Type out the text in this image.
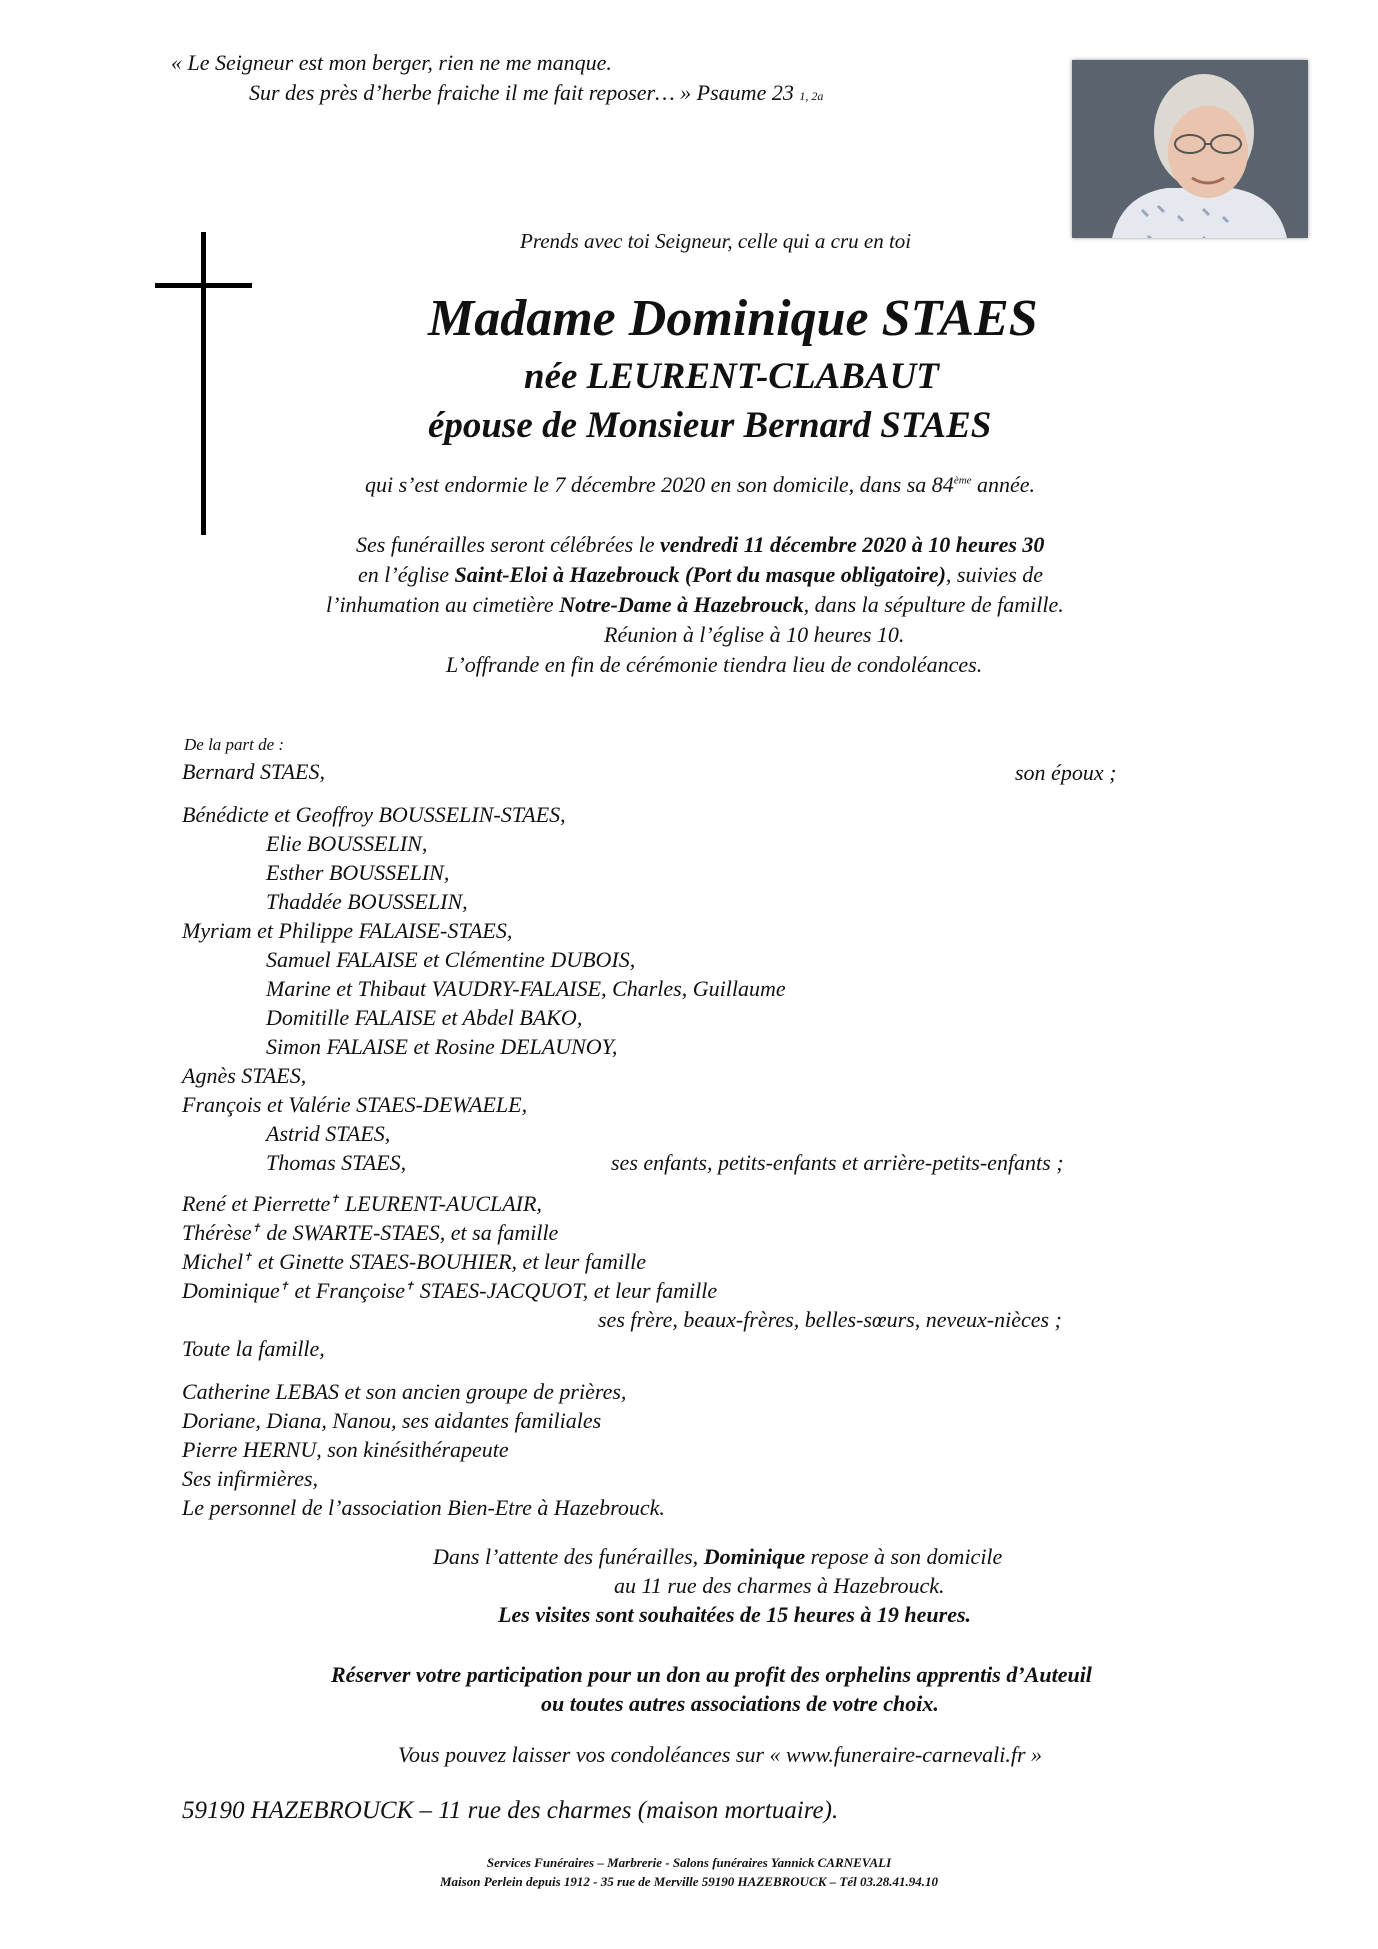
« Le Seigneur est mon berger, rien ne me manque.
Sur des près d’herbe fraiche il me fait reposer… » Psaume 23 1, 2a
Prends avec toi Seigneur, celle qui a cru en toi
Madame Dominique STAES
née LEURENT-CLABAUT
épouse de Monsieur Bernard STAES
qui s’est endormie le 7 décembre 2020 en son domicile, dans sa 84ème année.
Ses funérailles seront célébrées le vendredi 11 décembre 2020 à 10 heures 30
en l’église Saint-Eloi à Hazebrouck (Port du masque obligatoire), suivies de
l’inhumation au cimetière Notre-Dame à Hazebrouck, dans la sépulture de famille.
Réunion à l’église à 10 heures 10.
L’offrande en fin de cérémonie tiendra lieu de condoléances.
De la part de :
Bernard STAES,	son époux ;
Bénédicte et Geoffroy BOUSSELIN-STAES,
Elie BOUSSELIN,
Esther BOUSSELIN,
Thaddée BOUSSELIN,
Myriam et Philippe FALAISE-STAES,
Samuel FALAISE et Clémentine DUBOIS,
Marine et Thibaut VAUDRY-FALAISE, Charles, Guillaume
Domitille FALAISE et Abdel BAKO,
Simon FALAISE et Rosine DELAUNOY,
Agnès STAES,
François et Valérie STAES-DEWAELE,
Astrid STAES,
Thomas STAES,	ses enfants, petits-enfants et arrière-petits-enfants ;
René et Pierrette✝ LEURENT-AUCLAIR,
Thérèse✝ de SWARTE-STAES, et sa famille
Michel✝ et Ginette STAES-BOUHIER, et leur famille
Dominique✝ et Françoise✝ STAES-JACQUOT, et leur famille
ses frère, beaux-frères, belles-sœurs, neveux-nièces ;
Toute la famille,
Catherine LEBAS et son ancien groupe de prières,
Doriane, Diana, Nanou, ses aidantes familiales
Pierre HERNU, son kinésithérapeute
Ses infirmières,
Le personnel de l’association Bien-Etre à Hazebrouck.
Dans l’attente des funérailles, Dominique repose à son domicile
au 11 rue des charmes à Hazebrouck.
Les visites sont souhaitées de 15 heures à 19 heures.
Réserver votre participation pour un don au profit des orphelins apprentis d’Auteuil
ou toutes autres associations de votre choix.
Vous pouvez laisser vos condoléances sur « www.funeraire-carnevali.fr »
59190 HAZEBROUCK – 11 rue des charmes (maison mortuaire).
Services Funéraires – Marbrerie - Salons funéraires Yannick CARNEVALI
Maison Perlein depuis 1912 - 35 rue de Merville 59190 HAZEBROUCK – Tél 03.28.41.94.10
